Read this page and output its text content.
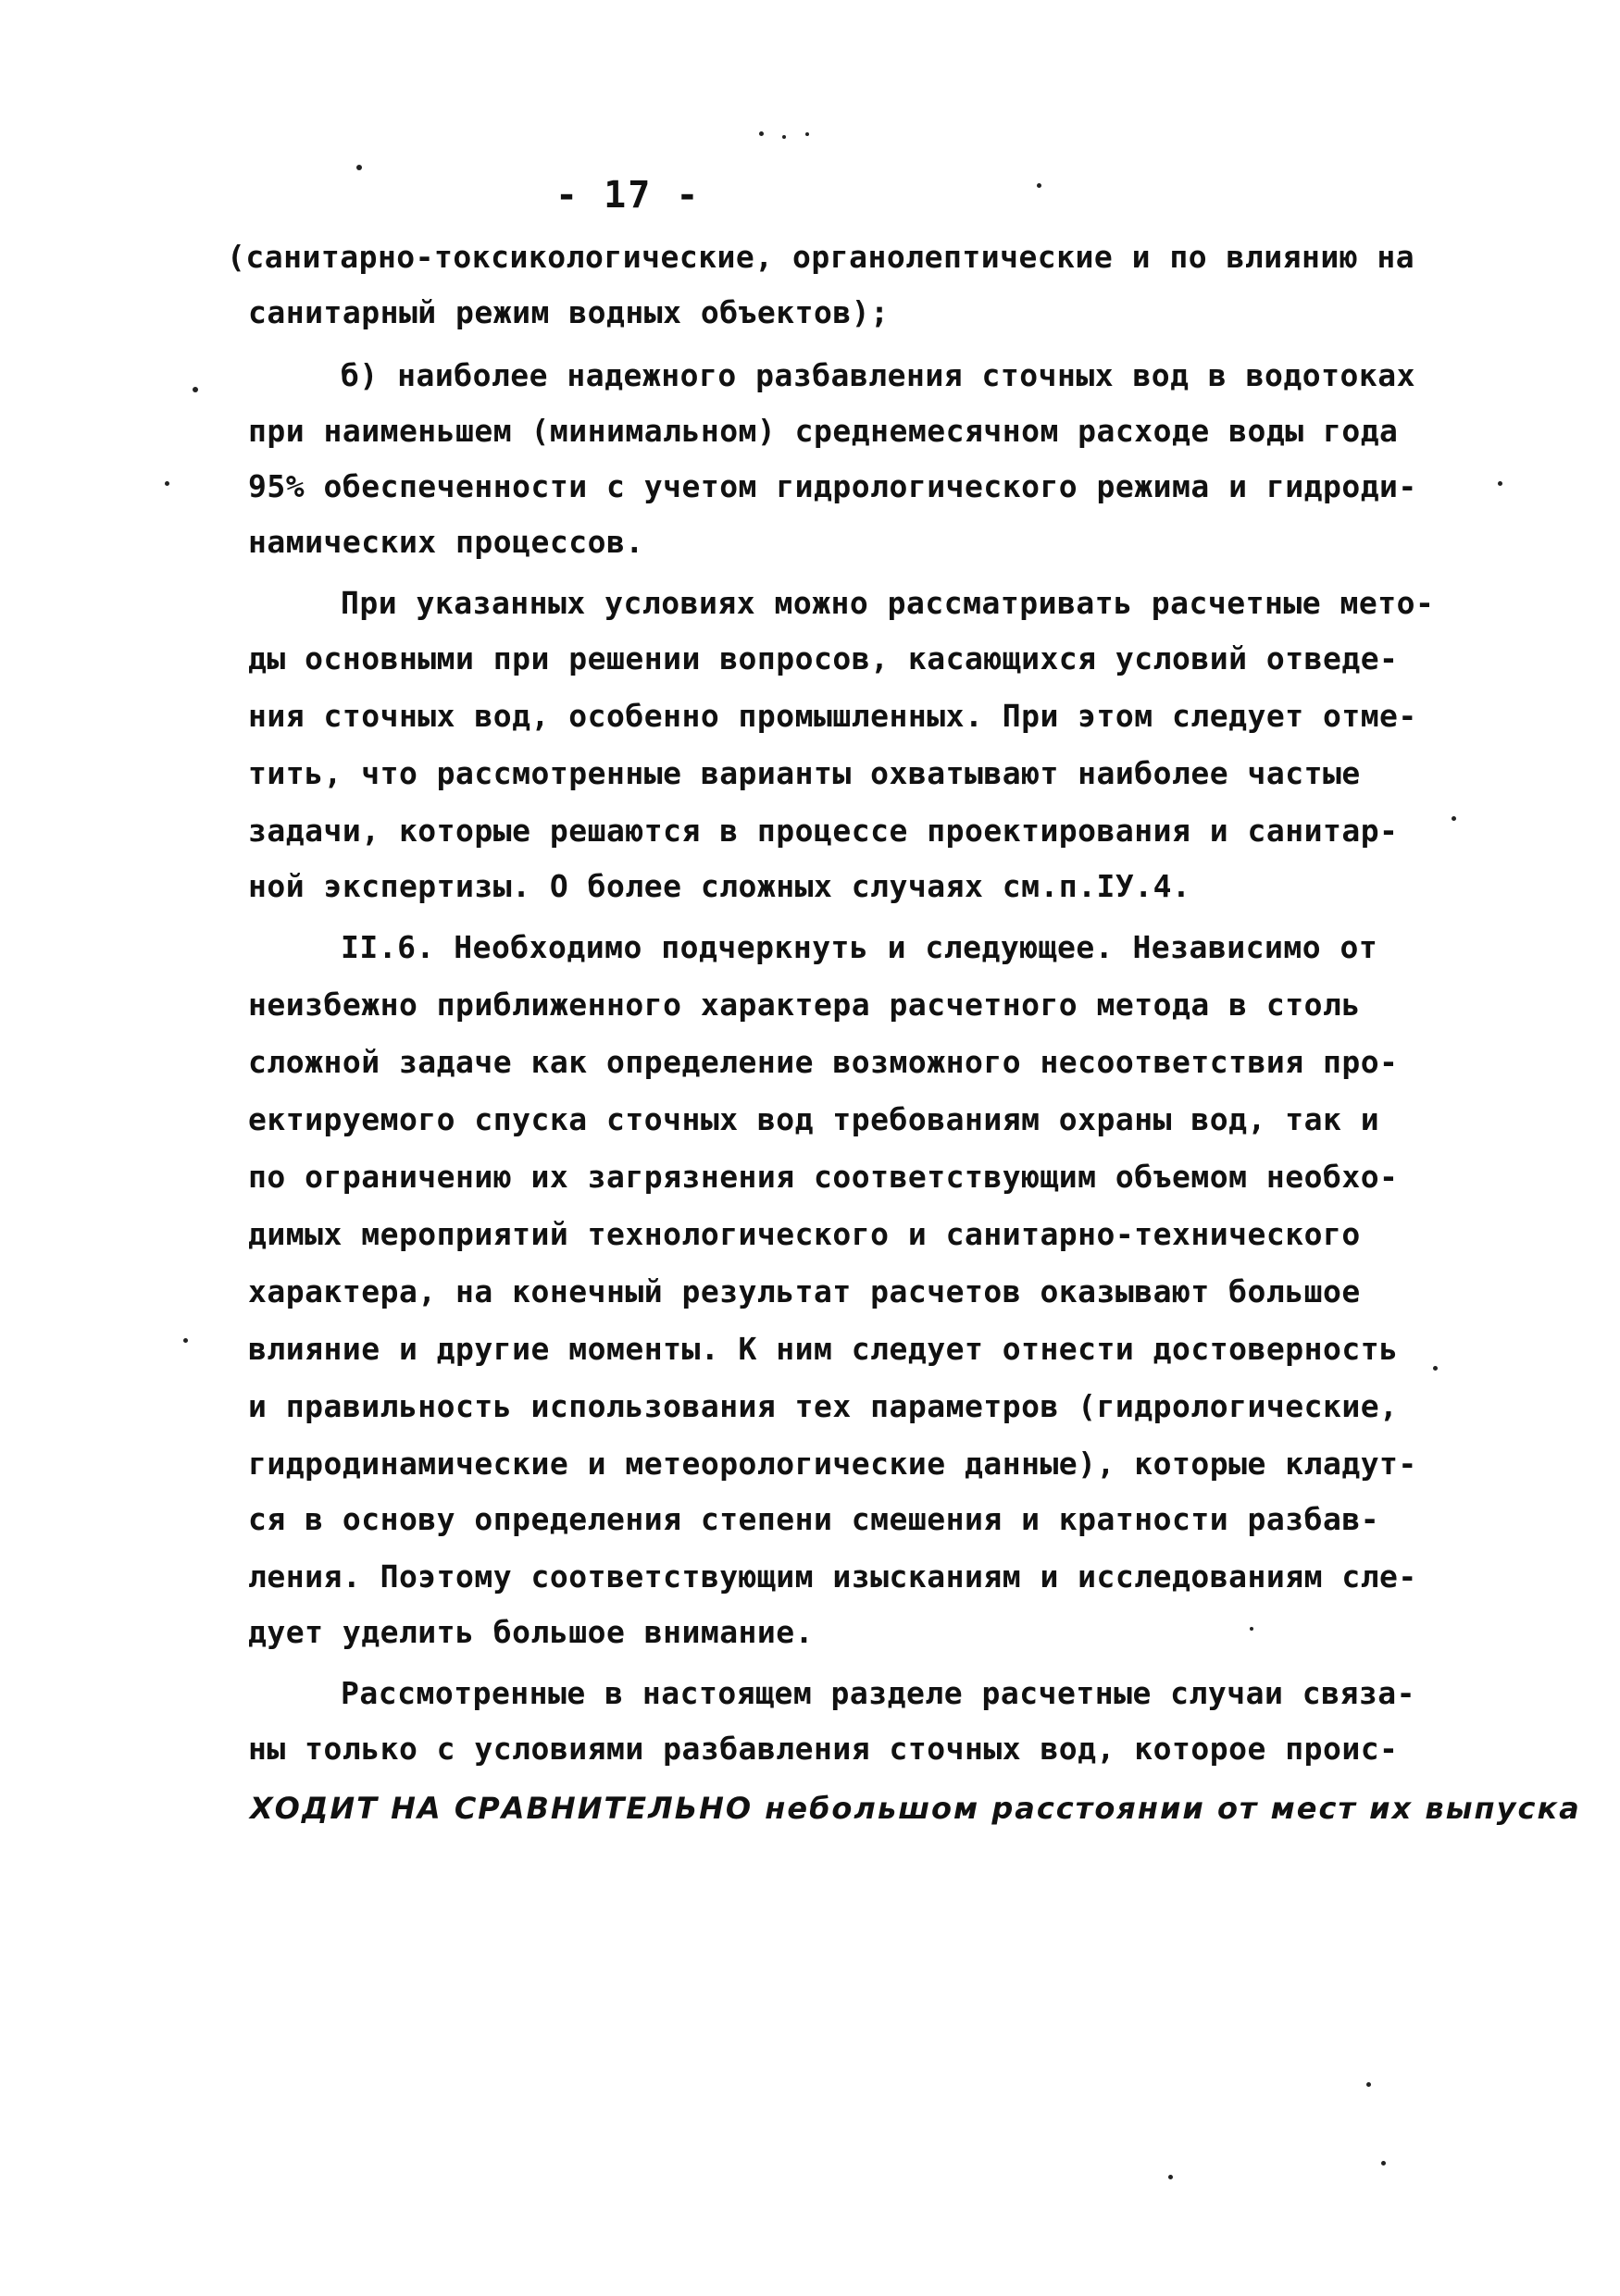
- 17 -
(санитарно-токсикологические, органолептические и по влиянию на
санитарный режим водных объектов);
б) наиболее надежного разбавления сточных вод в водотоках
при наименьшем (минимальном) среднемесячном расходе воды года
95% обеспеченности с учетом гидрологического режима и гидроди-
намических процессов.
При указанных условиях можно рассматривать расчетные мето-
ды основными при решении вопросов, касающихся условий отведе-
ния сточных вод, особенно промышленных. При этом следует отме-
тить, что рассмотренные варианты охватывают наиболее частые
задачи, которые решаются в процессе проектирования и санитар-
ной экспертизы. О более сложных случаях см.п.IУ.4.
II.6. Необходимо подчеркнуть и следующее. Независимо от
неизбежно приближенного характера расчетного метода в столь
сложной задаче как определение возможного несоответствия про-
ектируемого спуска сточных вод требованиям охраны вод, так и
по ограничению их загрязнения соответствующим объемом необхо-
димых мероприятий технологического и санитарно-технического
характера, на конечный результат расчетов оказывают большое
влияние и другие моменты. К ним следует отнести достоверность
и правильность использования тех параметров (гидрологические,
гидродинамические и метеорологические данные), которые кладут-
ся в основу определения степени смешения и кратности разбав-
ления. Поэтому соответствующим изысканиям и исследованиям сле-
дует уделить большое внимание.
Рассмотренные в настоящем разделе расчетные случаи связа-
ны только с условиями разбавления сточных вод, которое проис-
ХОДИТ НА СРАВНИТЕЛЬНО небольшом расстоянии от мест их выпуска
